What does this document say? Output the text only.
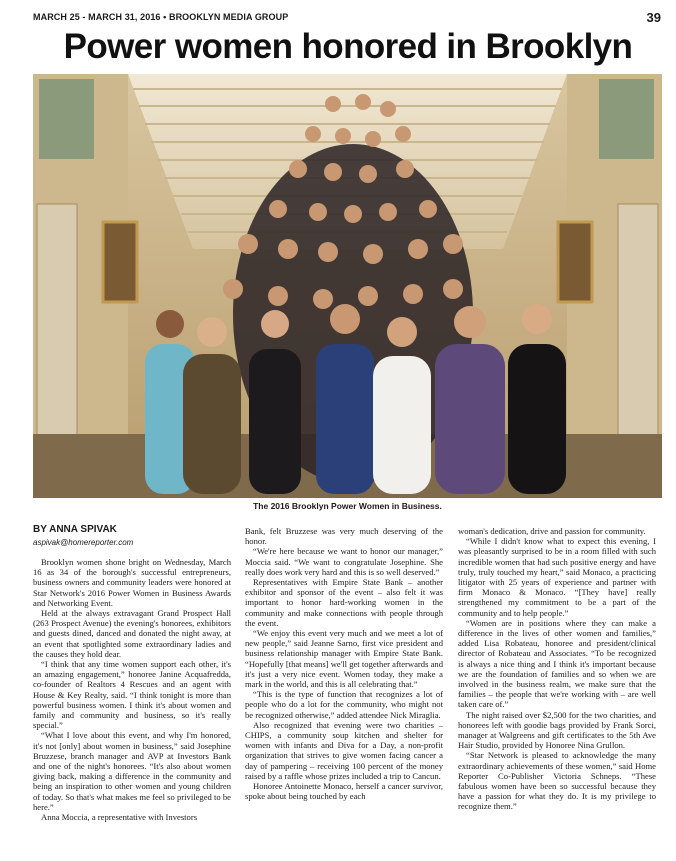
MARCH 25 - MARCH 31, 2016 • BROOKLYN MEDIA GROUP	39
Power women honored in Brooklyn
The 2016 Brooklyn Power Women in Business.
BY ANNA SPIVAK
aspivak@homereporter.com

Brooklyn women shone bright on Wednesday, March 16 as 34 of the borough's successful entrepreneurs, business owners and community leaders were honored at Star Network's 2016 Power Women in Business Awards and Networking Event.

Held at the always extravagant Grand Prospect Hall (263 Prospect Avenue) the evening's honorees, exhibitors and guests dined, danced and donated the night away, at an event that spotlighted some extraordinary ladies and the causes they hold dear.

“I think that any time women support each other, it's an amazing engagement,” honoree Janine Acquafredda, co-founder of Realtors 4 Rescues and an agent with House & Key Realty, said. “I think tonight is more than powerful business women. I think it's about women and family and community and business, so it's really special.”

“What I love about this event, and why I'm honored, it's not [only] about women in business,” said Josephine Bruzzese, branch manager and AVP at Investors Bank and one of the night's honorees. “It's also about women giving back, making a difference in the community and being an inspiration to other women and young children of today. So that's what makes me feel so privileged to be here.”

Anna Moccia, a representative with Investors

Bank, felt Bruzzese was very much deserving of the honor.

“We're here because we want to honor our manager,” Moccia said. “We want to congratulate Josephine. She really does work very hard and this is so well deserved.”

Representatives with Empire State Bank – another exhibitor and sponsor of the event – also felt it was important to honor hard-working women in the community and make connections with people through the event.

“We enjoy this event very much and we meet a lot of new people,” said Jeanne Sarno, first vice president and business relationship manager with Empire State Bank. “Hopefully [that means] we'll get together afterwards and it's just a very nice event. Women today, they make a mark in the world, and this is all celebrating that.”

“This is the type of function that recognizes a lot of people who do a lot for the community, who might not be recognized otherwise,” added attendee Nick Miraglia.

Also recognized that evening were two charities – CHIPS, a community soup kitchen and shelter for women with infants and Diva for a Day, a non-profit organization that strives to give women facing cancer a day of pampering – receiving 100 percent of the money raised by a raffle whose prizes included a trip to Cancun.

Honoree Antoinette Monaco, herself a cancer survivor, spoke about being touched by each

woman's dedication, drive and passion for community.

“While I didn't know what to expect this evening, I was pleasantly surprised to be in a room filled with such incredible women that had such positive energy and have truly, truly touched my heart,” said Monaco, a practicing litigator with 25 years of experience and partner with firm Monaco & Monaco. “[They have] really strengthened my commitment to be a part of the community and to help people.”

“Women are in positions where they can make a difference in the lives of other women and families,” added Lisa Robateau, honoree and president/clinical director of Robateau and Associates. “To be recognized is always a nice thing and I think it's important because we are the foundation of families and so when we are involved in the business realm, we make sure that the families – the people that we're working with – are well taken care of.”

The night raised over $2,500 for the two charities, and honorees left with goodie bags provided by Frank Sorci, manager at Walgreens and gift certificates to the 5th Ave Hair Studio, provided by Honoree Nina Grullon.

“Star Network is pleased to acknowledge the many extraordinary achievements of these women,” said Home Reporter Co-Publisher Victoria Schneps. “These fabulous women have been so successful because they have a passion for what they do. It is my privilege to recognize them.”
